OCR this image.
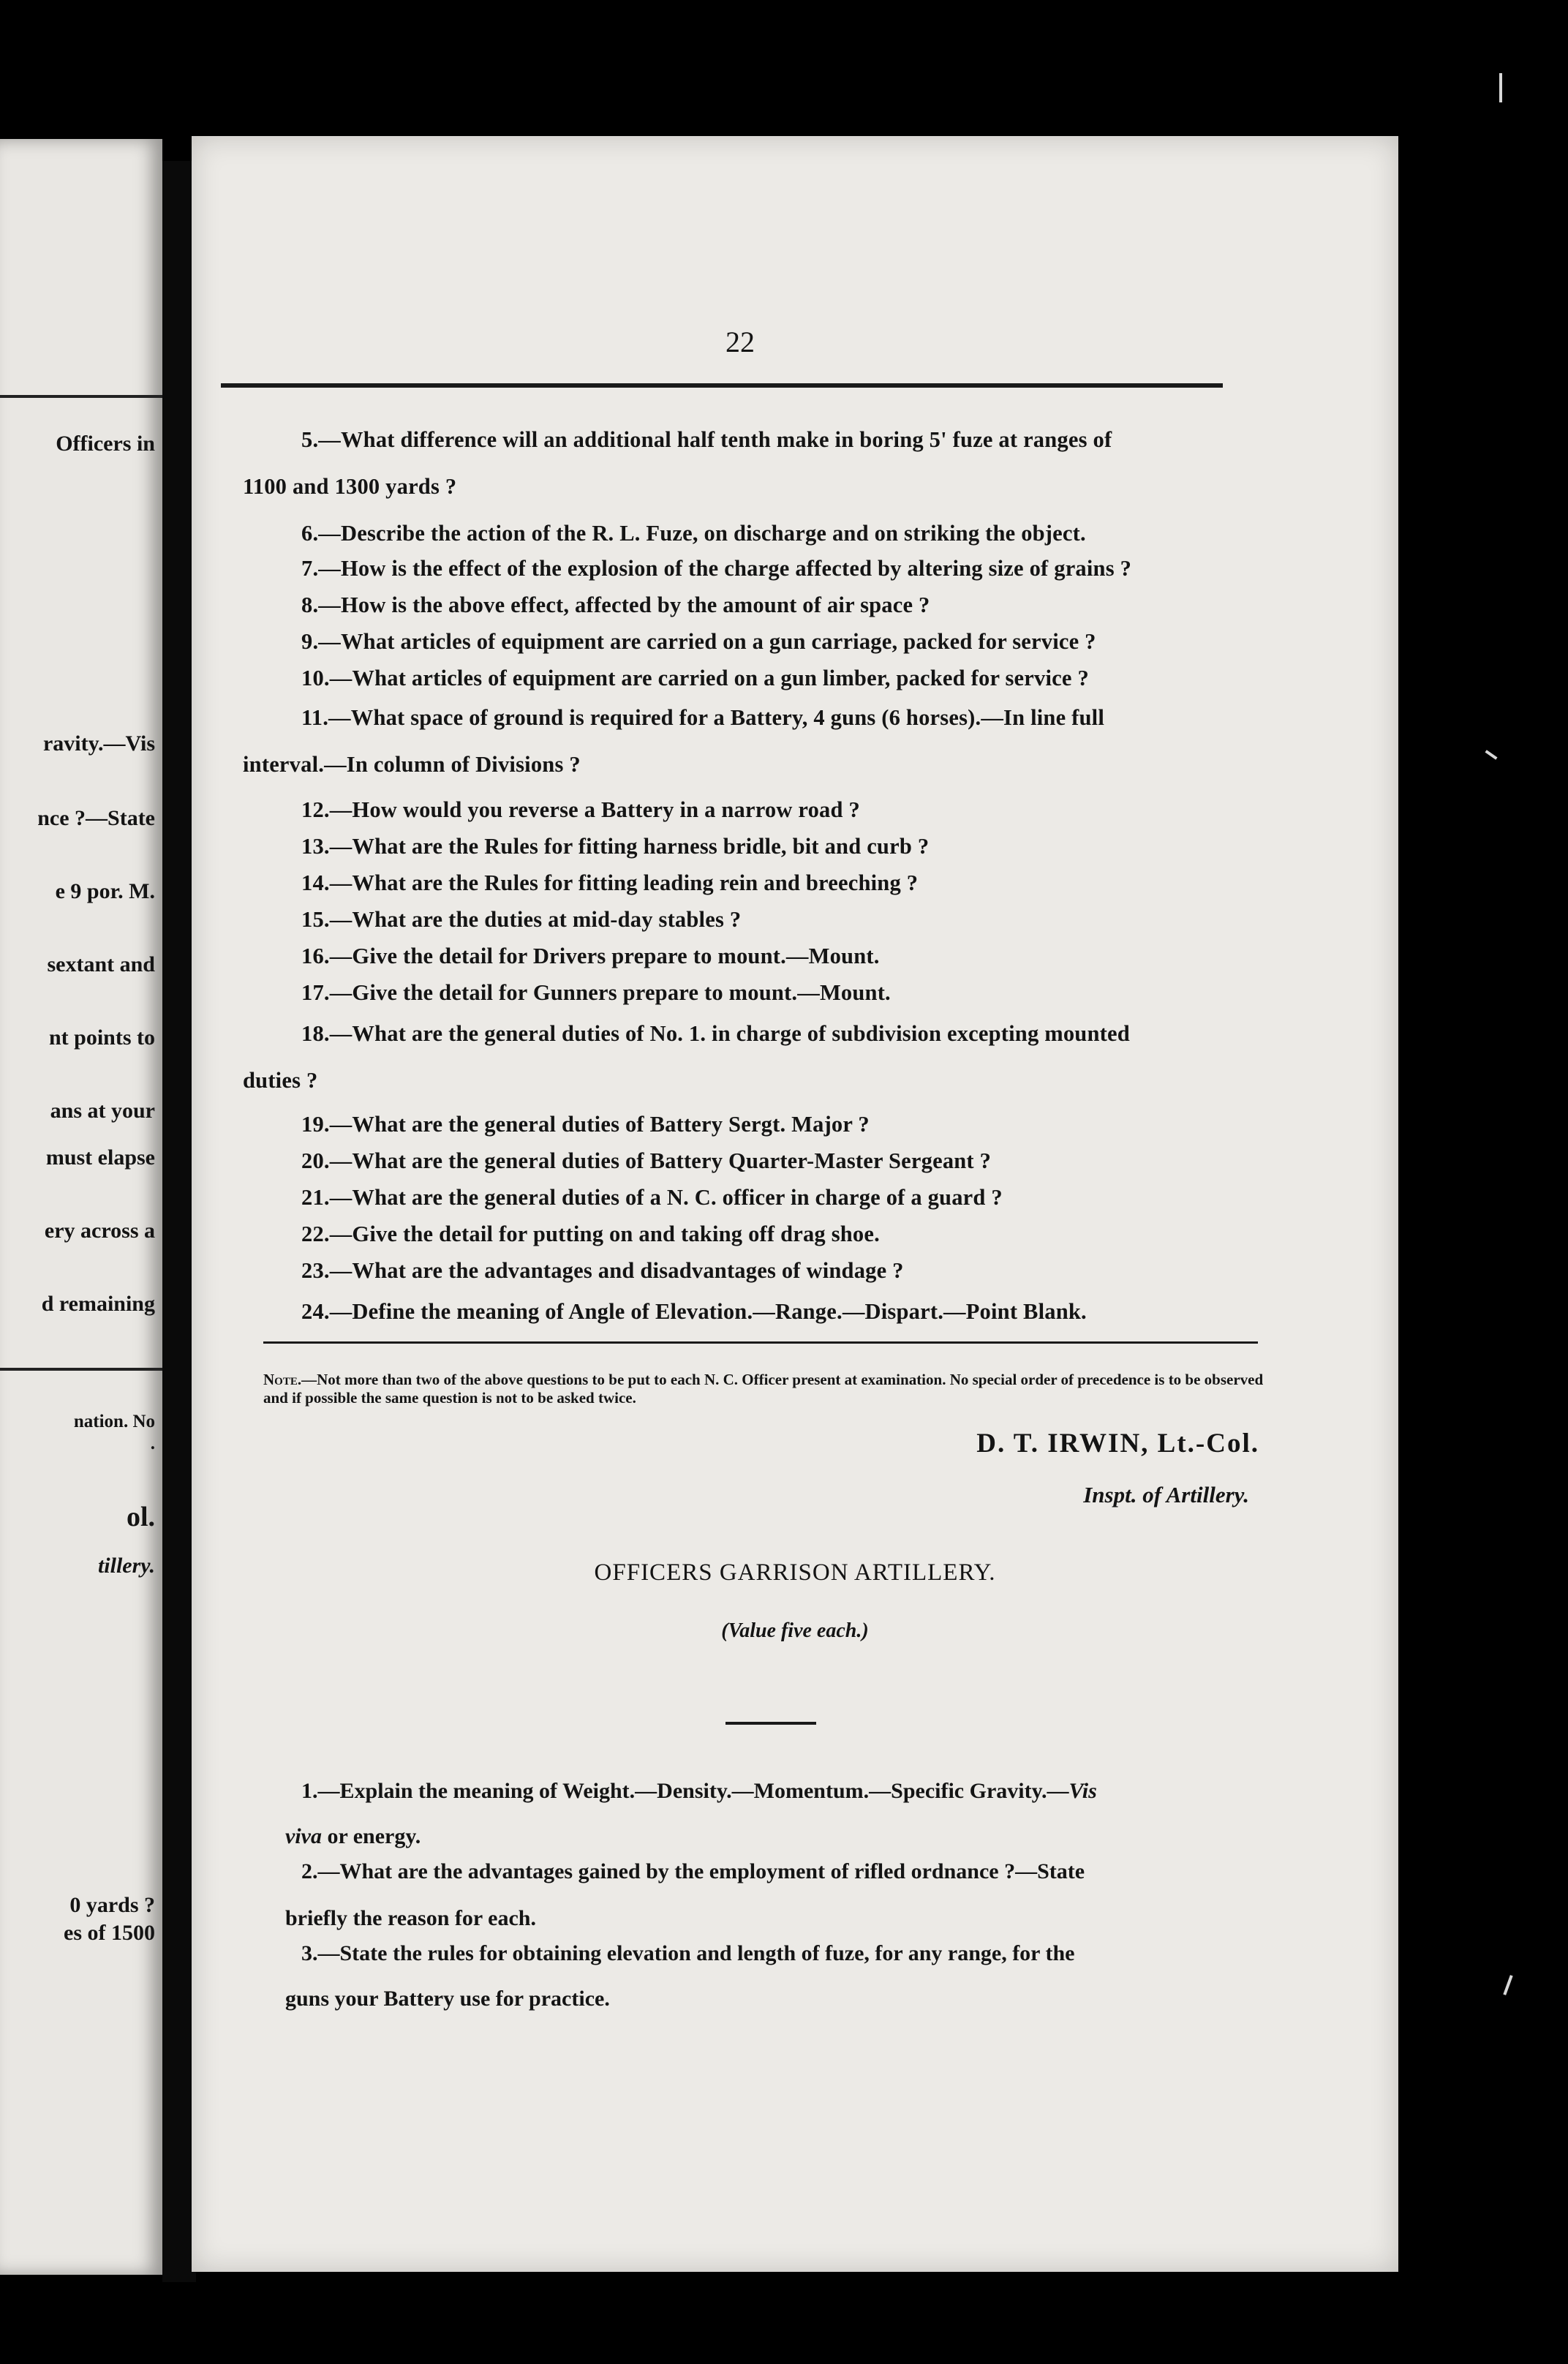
Officers in
ravity.—Vis
nce ?—State
e 9 por. M.
sextant and
nt points to
ans at your
must elapse
ery across a
d remaining
nation. No
.
ol.
tillery.
0 yards ?
es of 1500
22
5.—What difference will an additional half tenth make in boring 5' fuze at ranges of
1100 and 1300 yards ?
6.—Describe the action of the R. L. Fuze, on discharge and on striking the object.
7.—How is the effect of the explosion of the charge affected by altering size of grains ?
8.—How is the above effect, affected by the amount of air space ?
9.—What articles of equipment are carried on a gun carriage, packed for service ?
10.—What articles of equipment are carried on a gun limber, packed for service ?
11.—What space of ground is required for a Battery, 4 guns (6 horses).—In line full
interval.—In column of Divisions ?
12.—How would you reverse a Battery in a narrow road ?
13.—What are the Rules for fitting harness bridle, bit and curb ?
14.—What are the Rules for fitting leading rein and breeching ?
15.—What are the duties at mid-day stables ?
16.—Give the detail for Drivers prepare to mount.—Mount.
17.—Give the detail for Gunners prepare to mount.—Mount.
18.—What are the general duties of No. 1. in charge of subdivision excepting mounted
duties ?
19.—What are the general duties of Battery Sergt. Major ?
20.—What are the general duties of Battery Quarter-Master Sergeant ?
21.—What are the general duties of a N. C. officer in charge of a guard ?
22.—Give the detail for putting on and taking off drag shoe.
23.—What are the advantages and disadvantages of windage ?
24.—Define the meaning of Angle of Elevation.—Range.—Dispart.—Point Blank.
Note.—Not more than two of the above questions to be put to each N. C. Officer present at examination. No special order of precedence is to be observed and if possible the same question is not to be asked twice.
D. T. IRWIN, Lt.-Col.
Inspt. of Artillery.
OFFICERS GARRISON ARTILLERY.
(Value five each.)
1.—Explain the meaning of Weight.—Density.—Momentum.—Specific Gravity.—Vis
viva or energy.
2.—What are the advantages gained by the employment of rifled ordnance ?—State
briefly the reason for each.
3.—State the rules for obtaining elevation and length of fuze, for any range, for the
guns your Battery use for practice.
